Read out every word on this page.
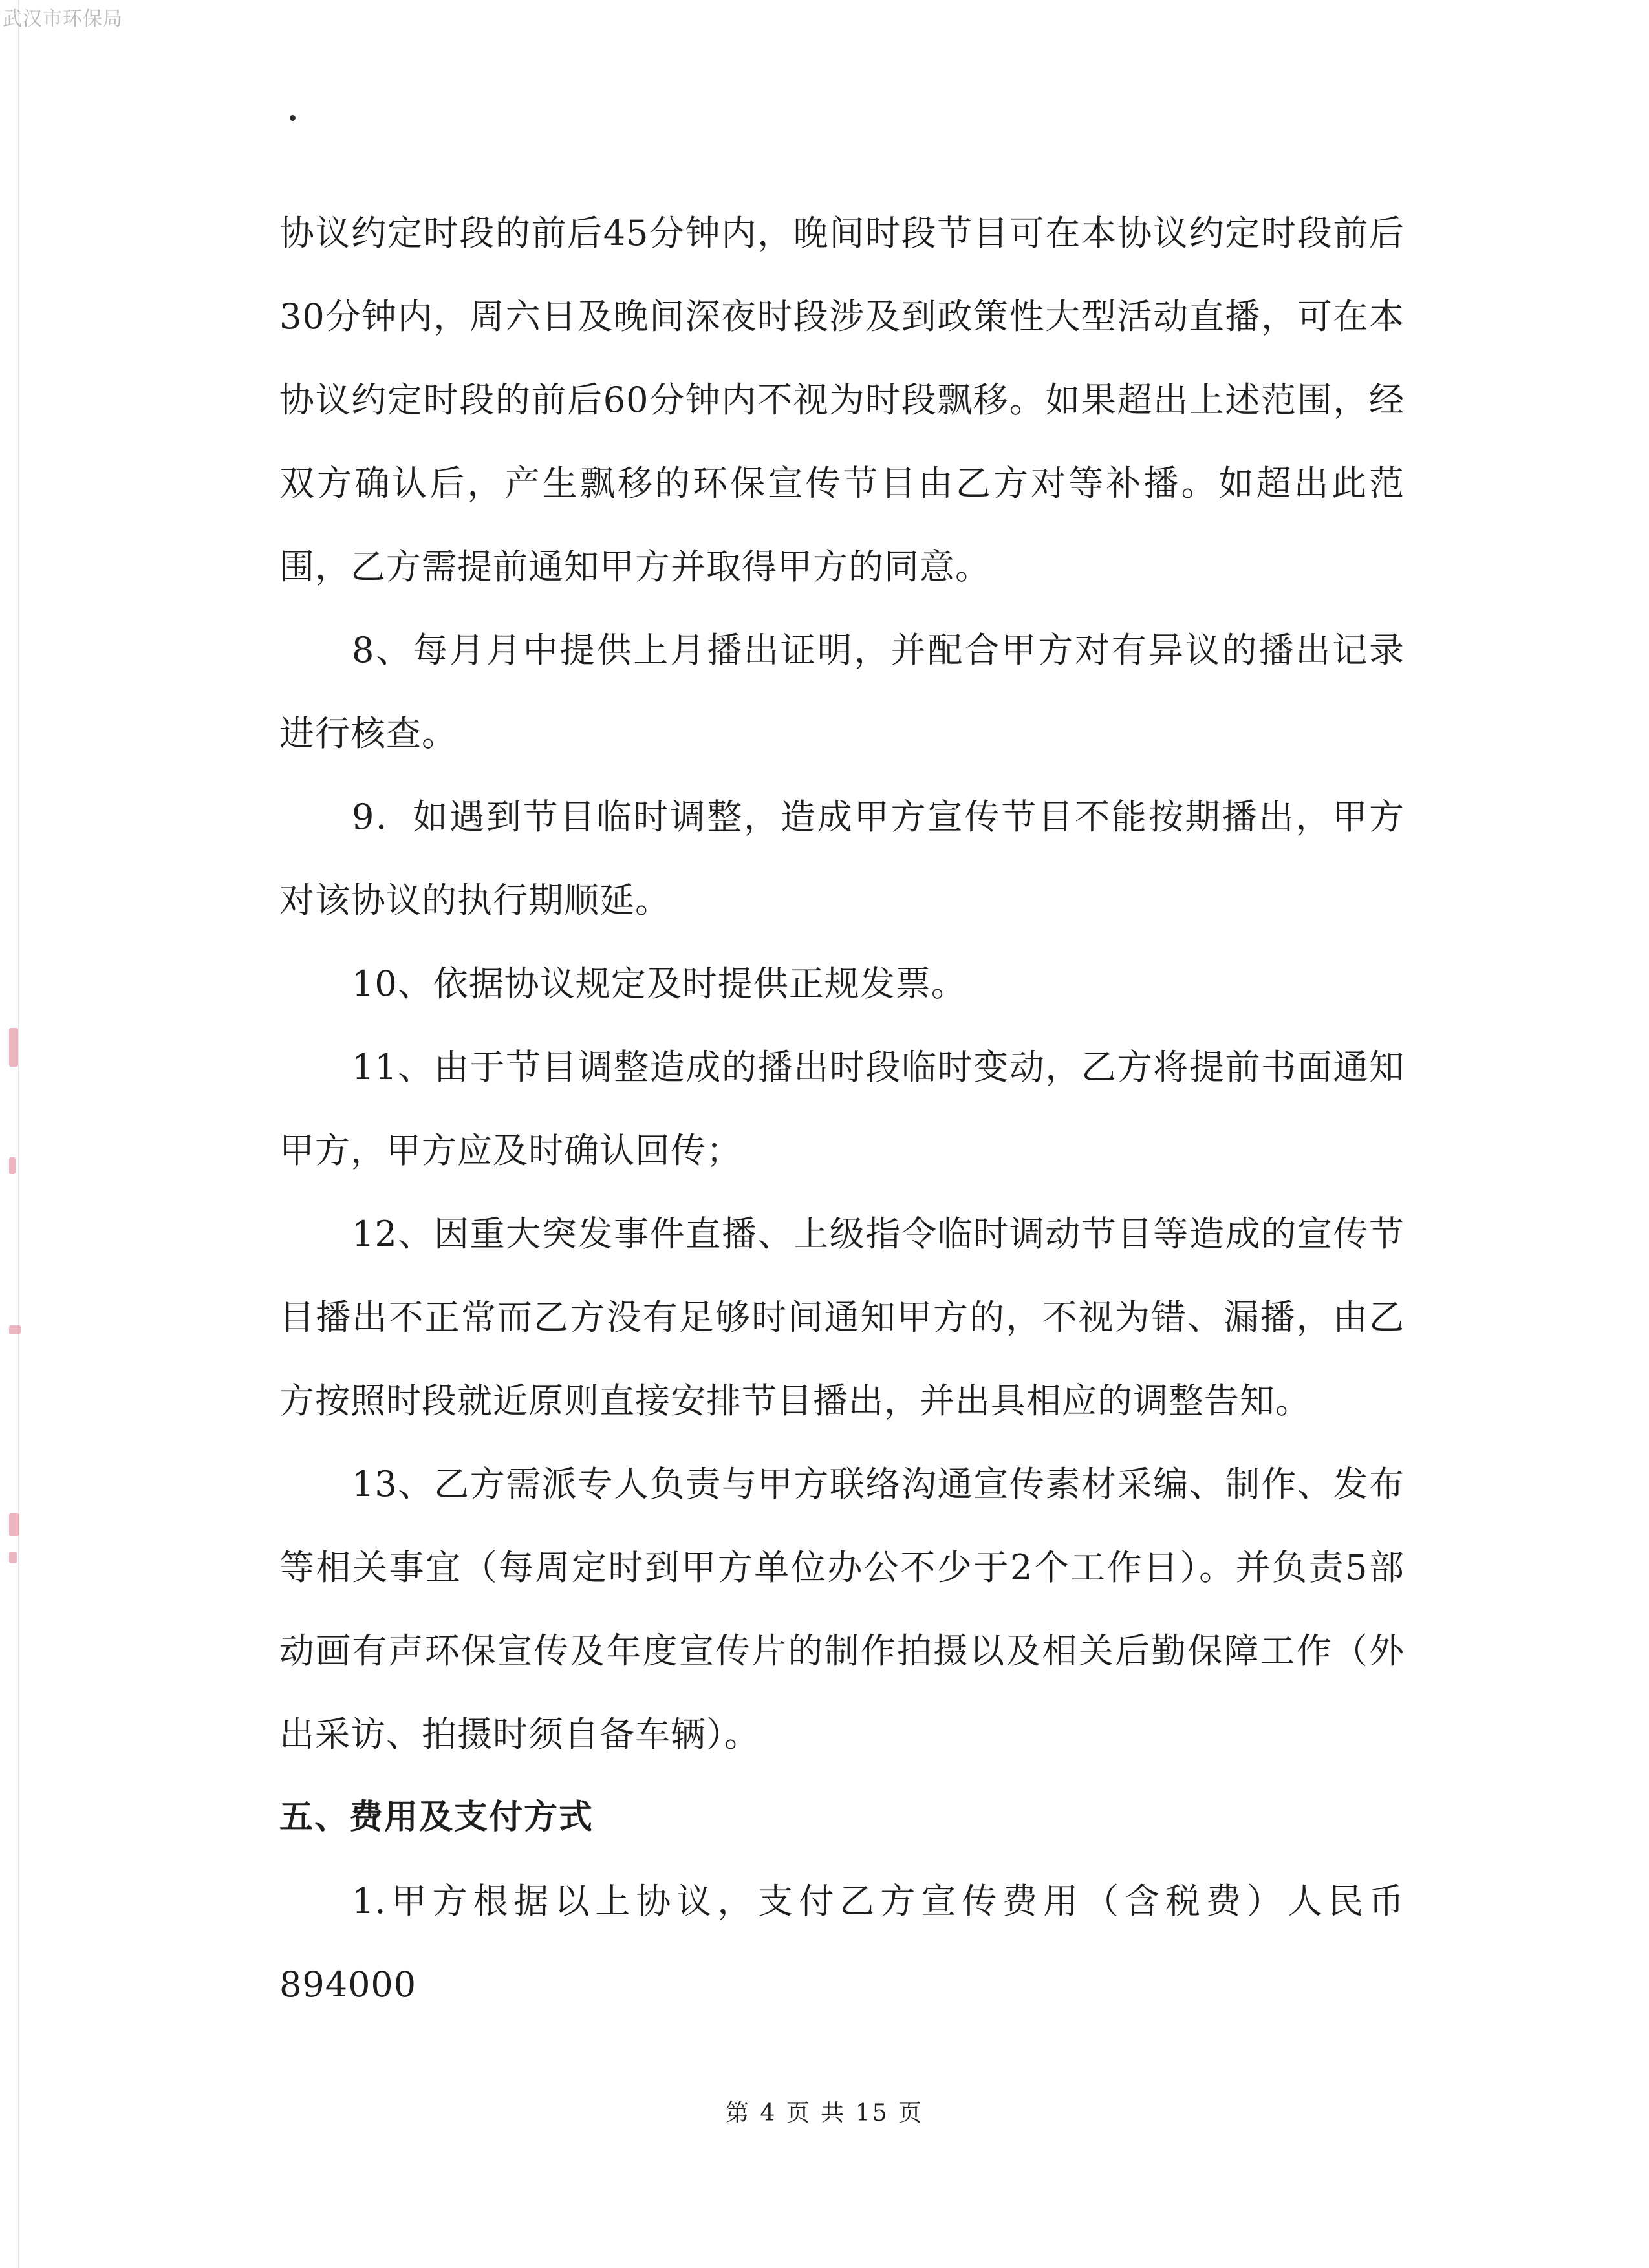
武汉市环保局

协议约定时段的前后45分钟内，晚间时段节目可在本协议约定时段前后30分钟内，周六日及晚间深夜时段涉及到政策性大型活动直播，可在本协议约定时段的前后60分钟内不视为时段飘移。如果超出上述范围，经双方确认后，产生飘移的环保宣传节目由乙方对等补播。如超出此范围，乙方需提前通知甲方并取得甲方的同意。

8、每月月中提供上月播出证明，并配合甲方对有异议的播出记录进行核查。

9．如遇到节目临时调整，造成甲方宣传节目不能按期播出，甲方对该协议的执行期顺延。

10、依据协议规定及时提供正规发票。

11、由于节目调整造成的播出时段临时变动，乙方将提前书面通知甲方，甲方应及时确认回传；

12、因重大突发事件直播、上级指令临时调动节目等造成的宣传节目播出不正常而乙方没有足够时间通知甲方的，不视为错、漏播，由乙方按照时段就近原则直接安排节目播出，并出具相应的调整告知。

13、乙方需派专人负责与甲方联络沟通宣传素材采编、制作、发布等相关事宜（每周定时到甲方单位办公不少于2个工作日）。并负责5部动画有声环保宣传及年度宣传片的制作拍摄以及相关后勤保障工作（外出采访、拍摄时须自备车辆）。

五、费用及支付方式

1.甲方根据以上协议，支付乙方宣传费用（含税费）人民币894000

第 4 页 共 15 页
